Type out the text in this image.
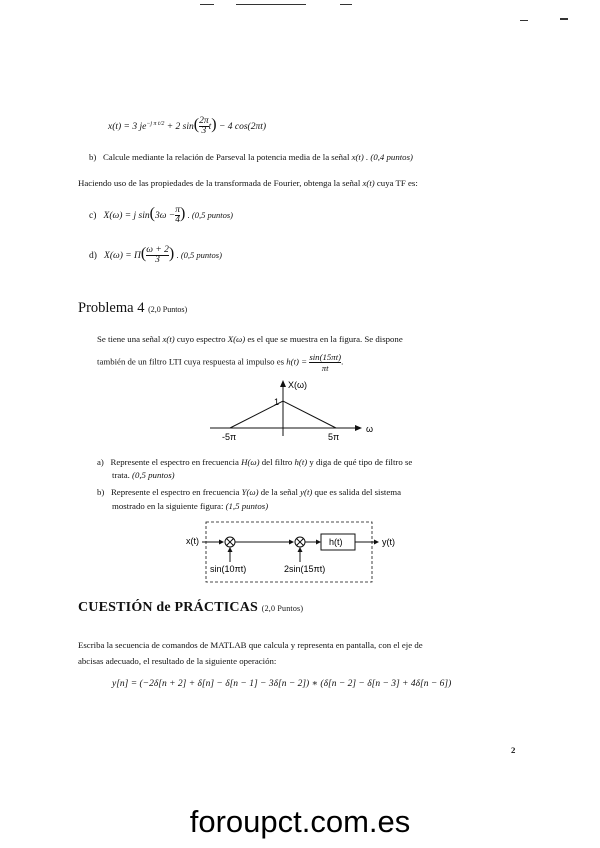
x(t) = 3 $je^{-j \pi t/2} + 2$ $\sin( \frac{2\pi}{3} t) - 4$ cos(2πt)
b) Calcule mediante la relación de Parseval la potencia media de la señal x(t) . (0,4 puntos)
Haciendo uso de las propiedades de la transformada de Fourier, obtenga la señal x(t) cuya TF es:
c) X(ω) = j $\sin(3\omega - \frac{\pi}{4}$ ) . (0,5 puntos)
d) $X(\omega) = \Pi( \frac{\omega + 2}{3}$ ) . (0,5 puntos)
Problema 4 (2,0 Puntos)
Se tiene una señal x(t) cuyo espectro X(ω) es el que se muestra en la figura. Se dispone
también de un filtro LTI cuya respuesta al impulso es $h(t) = \frac{\sin(15\pi t)}{\pi t}$ .
X(ω)
1
-5π	5π
ω
a) Represente el espectro en frecuencia H(ω) del filtro h(t) y diga de qué tipo de filtro se
trata. (0,5 puntos)
b) Represente el espectro en frecuencia Y(ω) de la señal y(t) que es salida del sistema
mostrado en la siguiente figura: (1,5 puntos)
x(t)
sin(10πt)	2sin(15πt)
h(t)	y(t)
CUESTIÓN de PRÁCTICAS (2,0 Puntos)
Escriba la secuencia de comandos de MATLAB que calcula y representa en pantalla, con el eje de
abcisas adecuado, el resultado de la siguiente operación:
y[n] = (−2δ[n + 2] + δ[n] − δ[n − 1] − 3δ[n − 2]) ∗ (δ[n − 2] − δ[n − 3] + 4δ[n − 6])
2
foroupct.com.es
